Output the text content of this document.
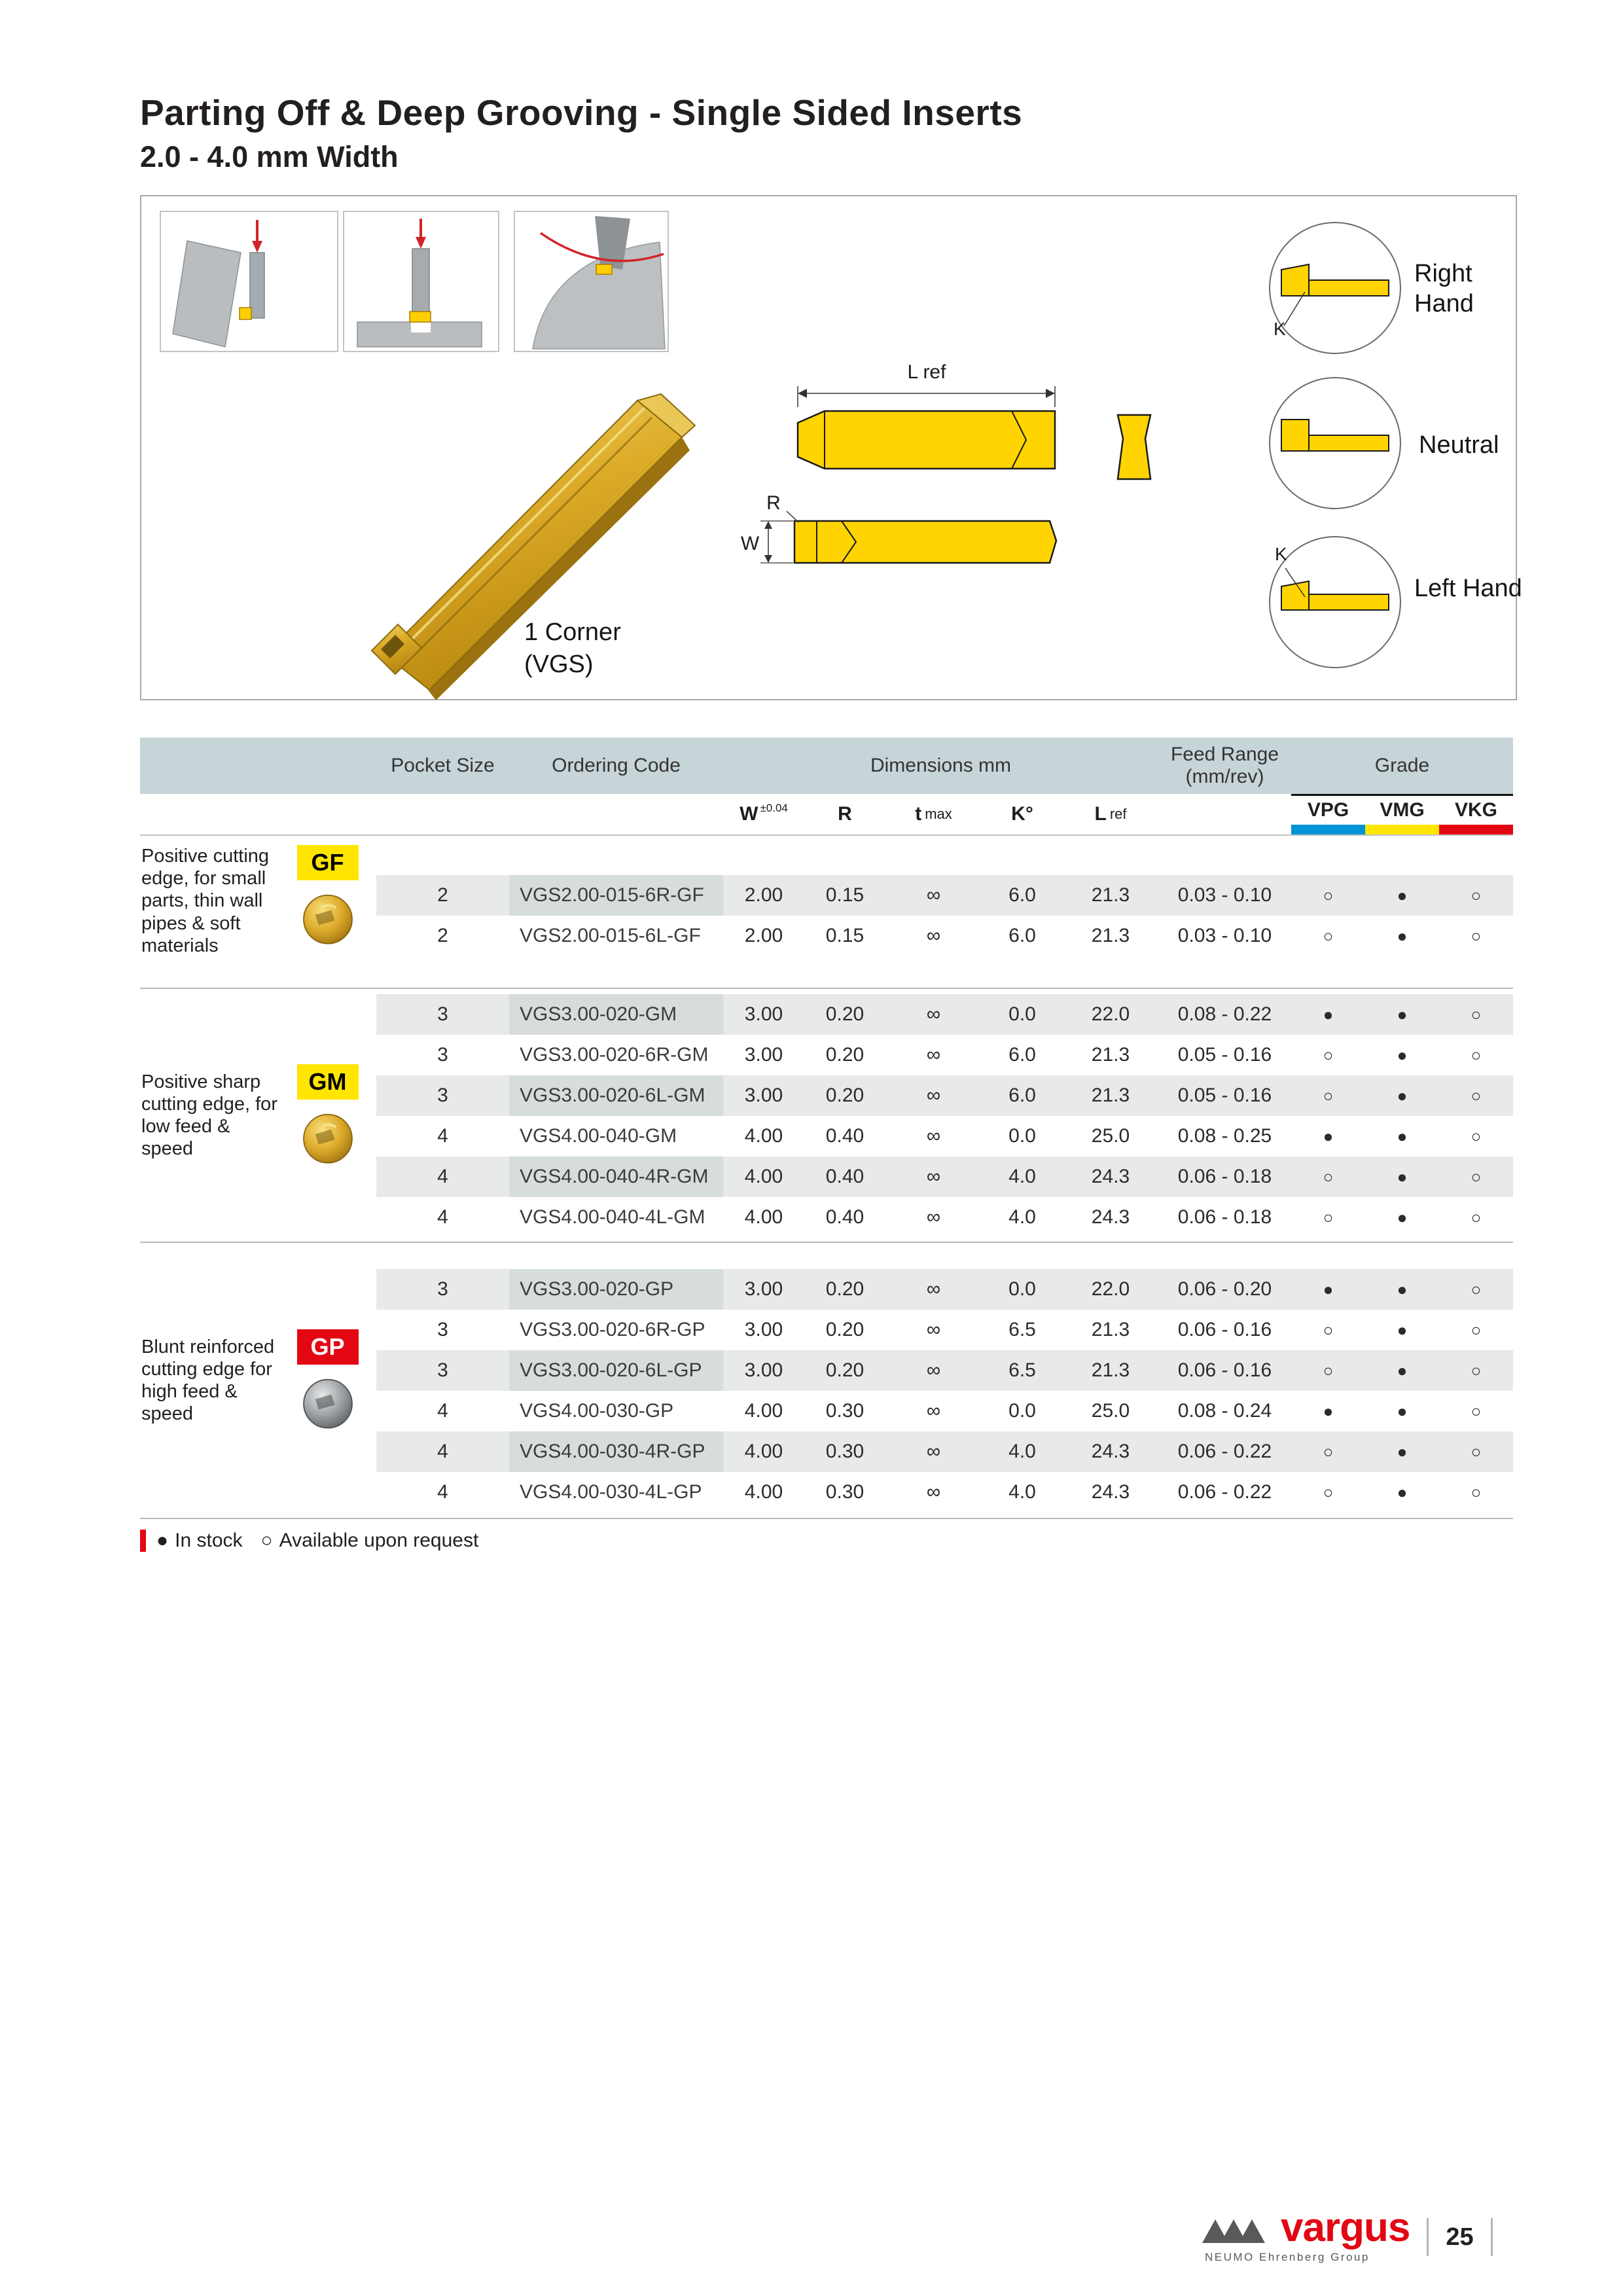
Parting Off & Deep Grooving - Single Sided Inserts
2.0 - 4.0 mm Width
L ref
R
W
K
K
1 Corner
(VGS)
Right Hand
Neutral
Left Hand
Pocket Size	Ordering Code	Dimensions mm
Feed Range
(mm/rev)
Grade
W ±0.04	R	t max	K°	L ref	VPG VMG VKG
Positive cutting edge, for small parts, thin wall pipes & soft materials
GF
2	VGS2.00-015-6R-GF	2.00	0.15	∞	6.0	21.3	0.03 - 0.10	○	●	○
2	VGS2.00-015-6L-GF	2.00	0.15	∞	6.0	21.3	0.03 - 0.10	○	●	○
Positive sharp cutting edge, for low feed & speed
GM
3	VGS3.00-020-GM	3.00	0.20	∞	0.0	22.0	0.08 - 0.22	●	●	○
3	VGS3.00-020-6R-GM	3.00	0.20	∞	6.0	21.3	0.05 - 0.16	○	●	○
3	VGS3.00-020-6L-GM	3.00	0.20	∞	6.0	21.3	0.05 - 0.16	○	●	○
4	VGS4.00-040-GM	4.00	0.40	∞	0.0	25.0	0.08 - 0.25	●	●	○
4	VGS4.00-040-4R-GM	4.00	0.40	∞	4.0	24.3	0.06 - 0.18	○	●	○
4	VGS4.00-040-4L-GM	4.00	0.40	∞	4.0	24.3	0.06 - 0.18	○	●	○
Blunt reinforced cutting edge for high feed & speed
GP
3	VGS3.00-020-GP	3.00	0.20	∞	0.0	22.0	0.06 - 0.20	●	●	○
3	VGS3.00-020-6R-GP	3.00	0.20	∞	6.5	21.3	0.06 - 0.16	○	●	○
3	VGS3.00-020-6L-GP	3.00	0.20	∞	6.5	21.3	0.06 - 0.16	○	●	○
4	VGS4.00-030-GP	4.00	0.30	∞	0.0	25.0	0.08 - 0.24	●	●	○
4	VGS4.00-030-4R-GP	4.00	0.30	∞	4.0	24.3	0.06 - 0.22	○	●	○
4	VGS4.00-030-4L-GP	4.00	0.30	∞	4.0	24.3	0.06 - 0.22	○	●	○
● In stock ○ Available upon request
vargus
NEUMO Ehrenberg Group
25
